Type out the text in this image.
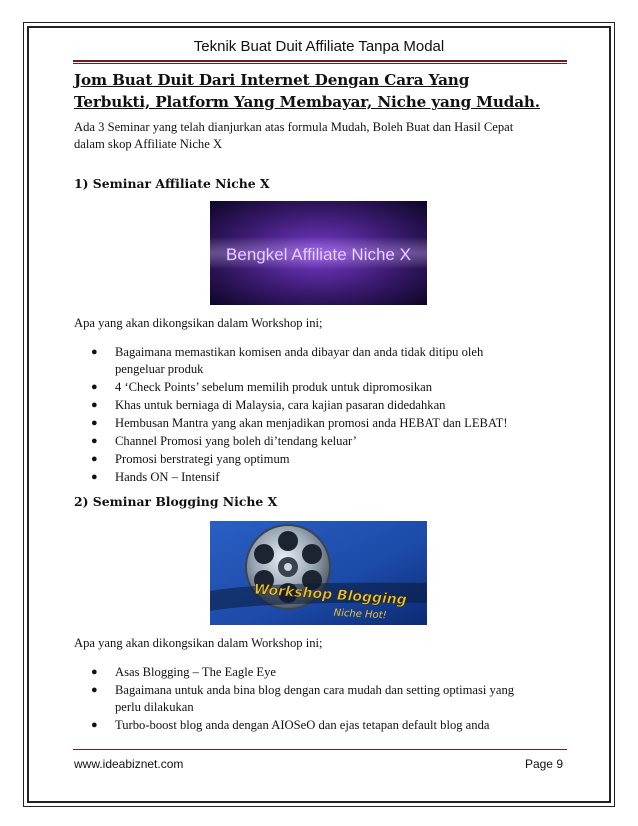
Teknik Buat Duit Affiliate Tanpa Modal

Jom Buat Duit Dari Internet Dengan Cara Yang
Terbukti, Platform Yang Membayar, Niche yang Mudah.

Ada 3 Seminar yang telah dianjurkan atas formula Mudah, Boleh Buat dan Hasil Cepat
dalam skop Affiliate Niche X

1) Seminar Affiliate Niche X

Apa yang akan dikongsikan dalam Workshop ini;

● Bagaimana memastikan komisen anda dibayar dan anda tidak ditipu oleh
pengeluar produk
● 4 ‘Check Points’ sebelum memilih produk untuk dipromosikan
● Khas untuk berniaga di Malaysia, cara kajian pasaran didedahkan
● Hembusan Mantra yang akan menjadikan promosi anda HEBAT dan LEBAT!
● Channel Promosi yang boleh di’tendang keluar’
● Promosi berstrategi yang optimum
● Hands ON – Intensif

2) Seminar Blogging Niche X

Apa yang akan dikongsikan dalam Workshop ini;

● Asas Blogging – The Eagle Eye
● Bagaimana untuk anda bina blog dengan cara mudah dan setting optimasi yang
perlu dilakukan
● Turbo-boost blog anda dengan AIOSeO dan ejas tetapan default blog anda
Bengkel Affiliate Niche X
Workshop Blogging
Niche Hot!
www.ideabiznet.com	Page 9
